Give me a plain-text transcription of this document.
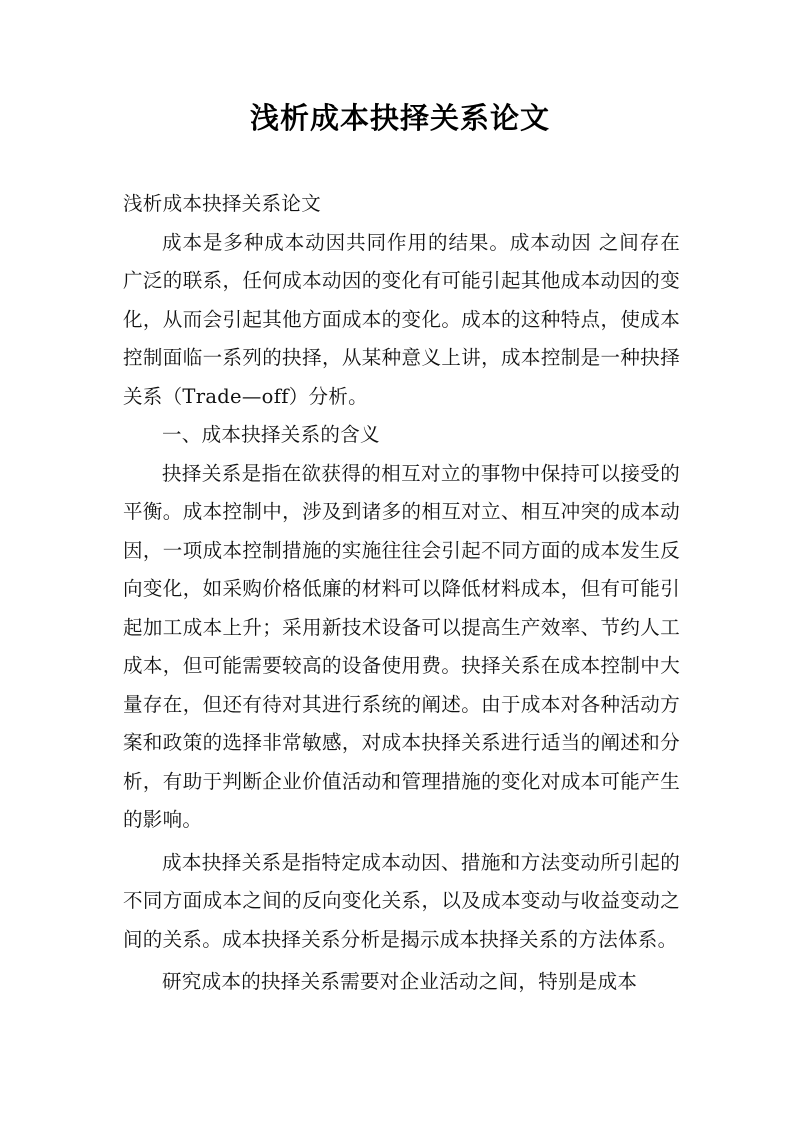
浅析成本抉择关系论文

浅析成本抉择关系论文

成本是多种成本动因共同作用的结果。成本动因 之间存在广泛的联系，任何成本动因的变化有可能引起其他成本动因的变化，从而会引起其他方面成本的变化。成本的这种特点，使成本控制面临一系列的抉择，从某种意义上讲，成本控制是一种抉择关系（Trade—off）分析。

一、成本抉择关系的含义

抉择关系是指在欲获得的相互对立的事物中保持可以接受的平衡。成本控制中，涉及到诸多的相互对立、相互冲突的成本动因，一项成本控制措施的实施往往会引起不同方面的成本发生反向变化，如采购价格低廉的材料可以降低材料成本，但有可能引起加工成本上升；采用新技术设备可以提高生产效率、节约人工成本，但可能需要较高的设备使用费。抉择关系在成本控制中大量存在，但还有待对其进行系统的阐述。由于成本对各种活动方案和政策的选择非常敏感，对成本抉择关系进行适当的阐述和分析，有助于判断企业价值活动和管理措施的变化对成本可能产生的影响。

成本抉择关系是指特定成本动因、措施和方法变动所引起的不同方面成本之间的反向变化关系，以及成本变动与收益变动之间的关系。成本抉择关系分析是揭示成本抉择关系的方法体系。

研究成本的抉择关系需要对企业活动之间，特别是成本
